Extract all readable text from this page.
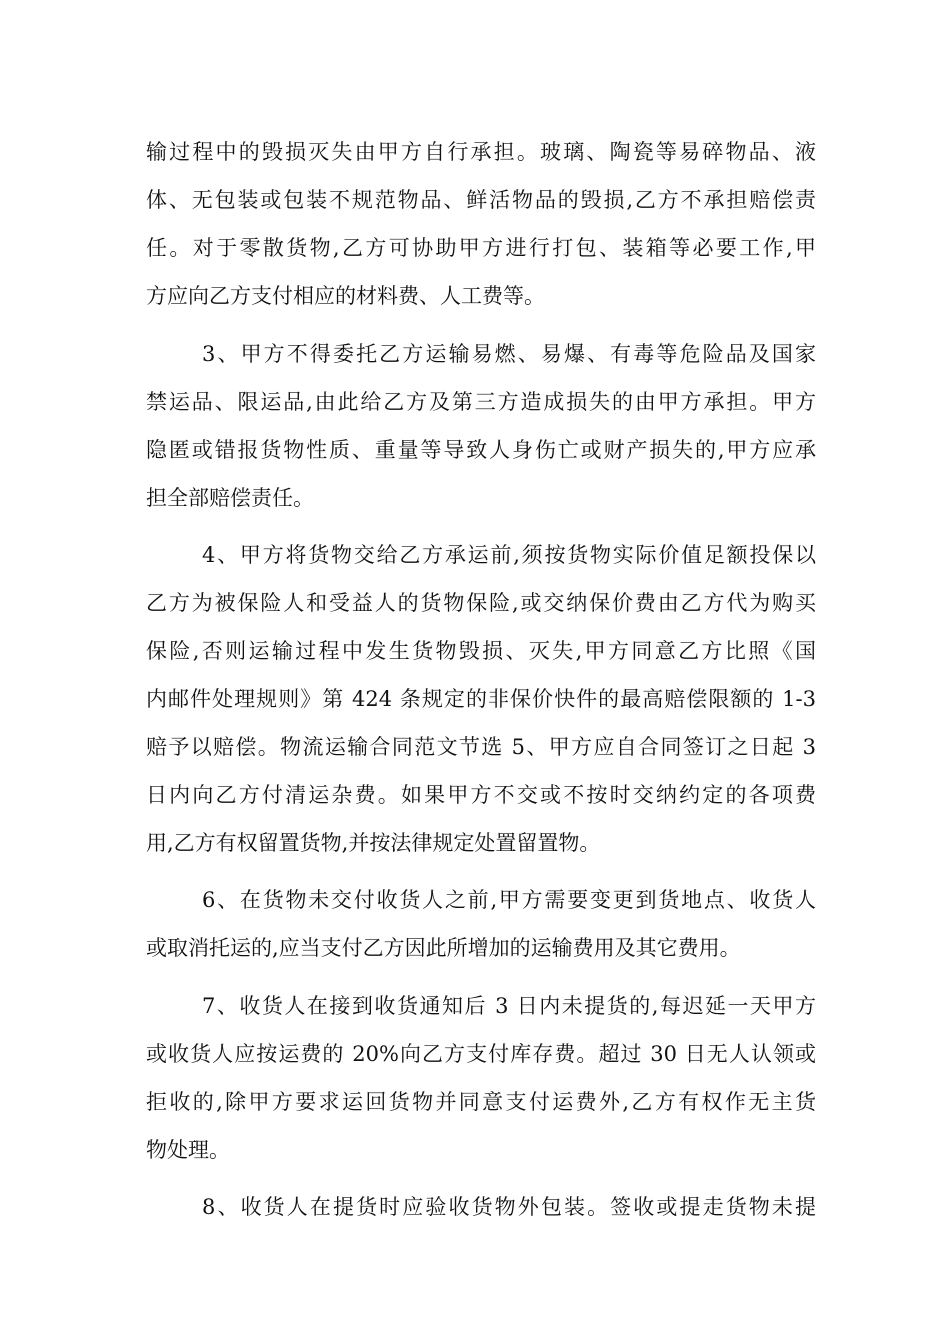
输过程中的毁损灭失由甲方自行承担。玻璃、陶瓷等易碎物品、液
体、无包装或包装不规范物品、鲜活物品的毁损,乙方不承担赔偿责
任。对于零散货物,乙方可协助甲方进行打包、装箱等必要工作,甲
方应向乙方支付相应的材料费、人工费等。
3、甲方不得委托乙方运输易燃、易爆、有毒等危险品及国家
禁运品、限运品,由此给乙方及第三方造成损失的由甲方承担。甲方
隐匿或错报货物性质、重量等导致人身伤亡或财产损失的,甲方应承
担全部赔偿责任。
4、甲方将货物交给乙方承运前,须按货物实际价值足额投保以
乙方为被保险人和受益人的货物保险,或交纳保价费由乙方代为购买
保险,否则运输过程中发生货物毁损、灭失,甲方同意乙方比照《国
内邮件处理规则》第 424 条规定的非保价快件的最高赔偿限额的 1-3
赔予以赔偿。物流运输合同范文节选 5、甲方应自合同签订之日起 3
日内向乙方付清运杂费。如果甲方不交或不按时交纳约定的各项费
用,乙方有权留置货物,并按法律规定处置留置物。
6、在货物未交付收货人之前,甲方需要变更到货地点、收货人
或取消托运的,应当支付乙方因此所增加的运输费用及其它费用。
7、收货人在接到收货通知后 3 日内未提货的,每迟延一天甲方
或收货人应按运费的 20%向乙方支付库存费。超过 30 日无人认领或
拒收的,除甲方要求运回货物并同意支付运费外,乙方有权作无主货
物处理。
8、收货人在提货时应验收货物外包装。签收或提走货物未提
